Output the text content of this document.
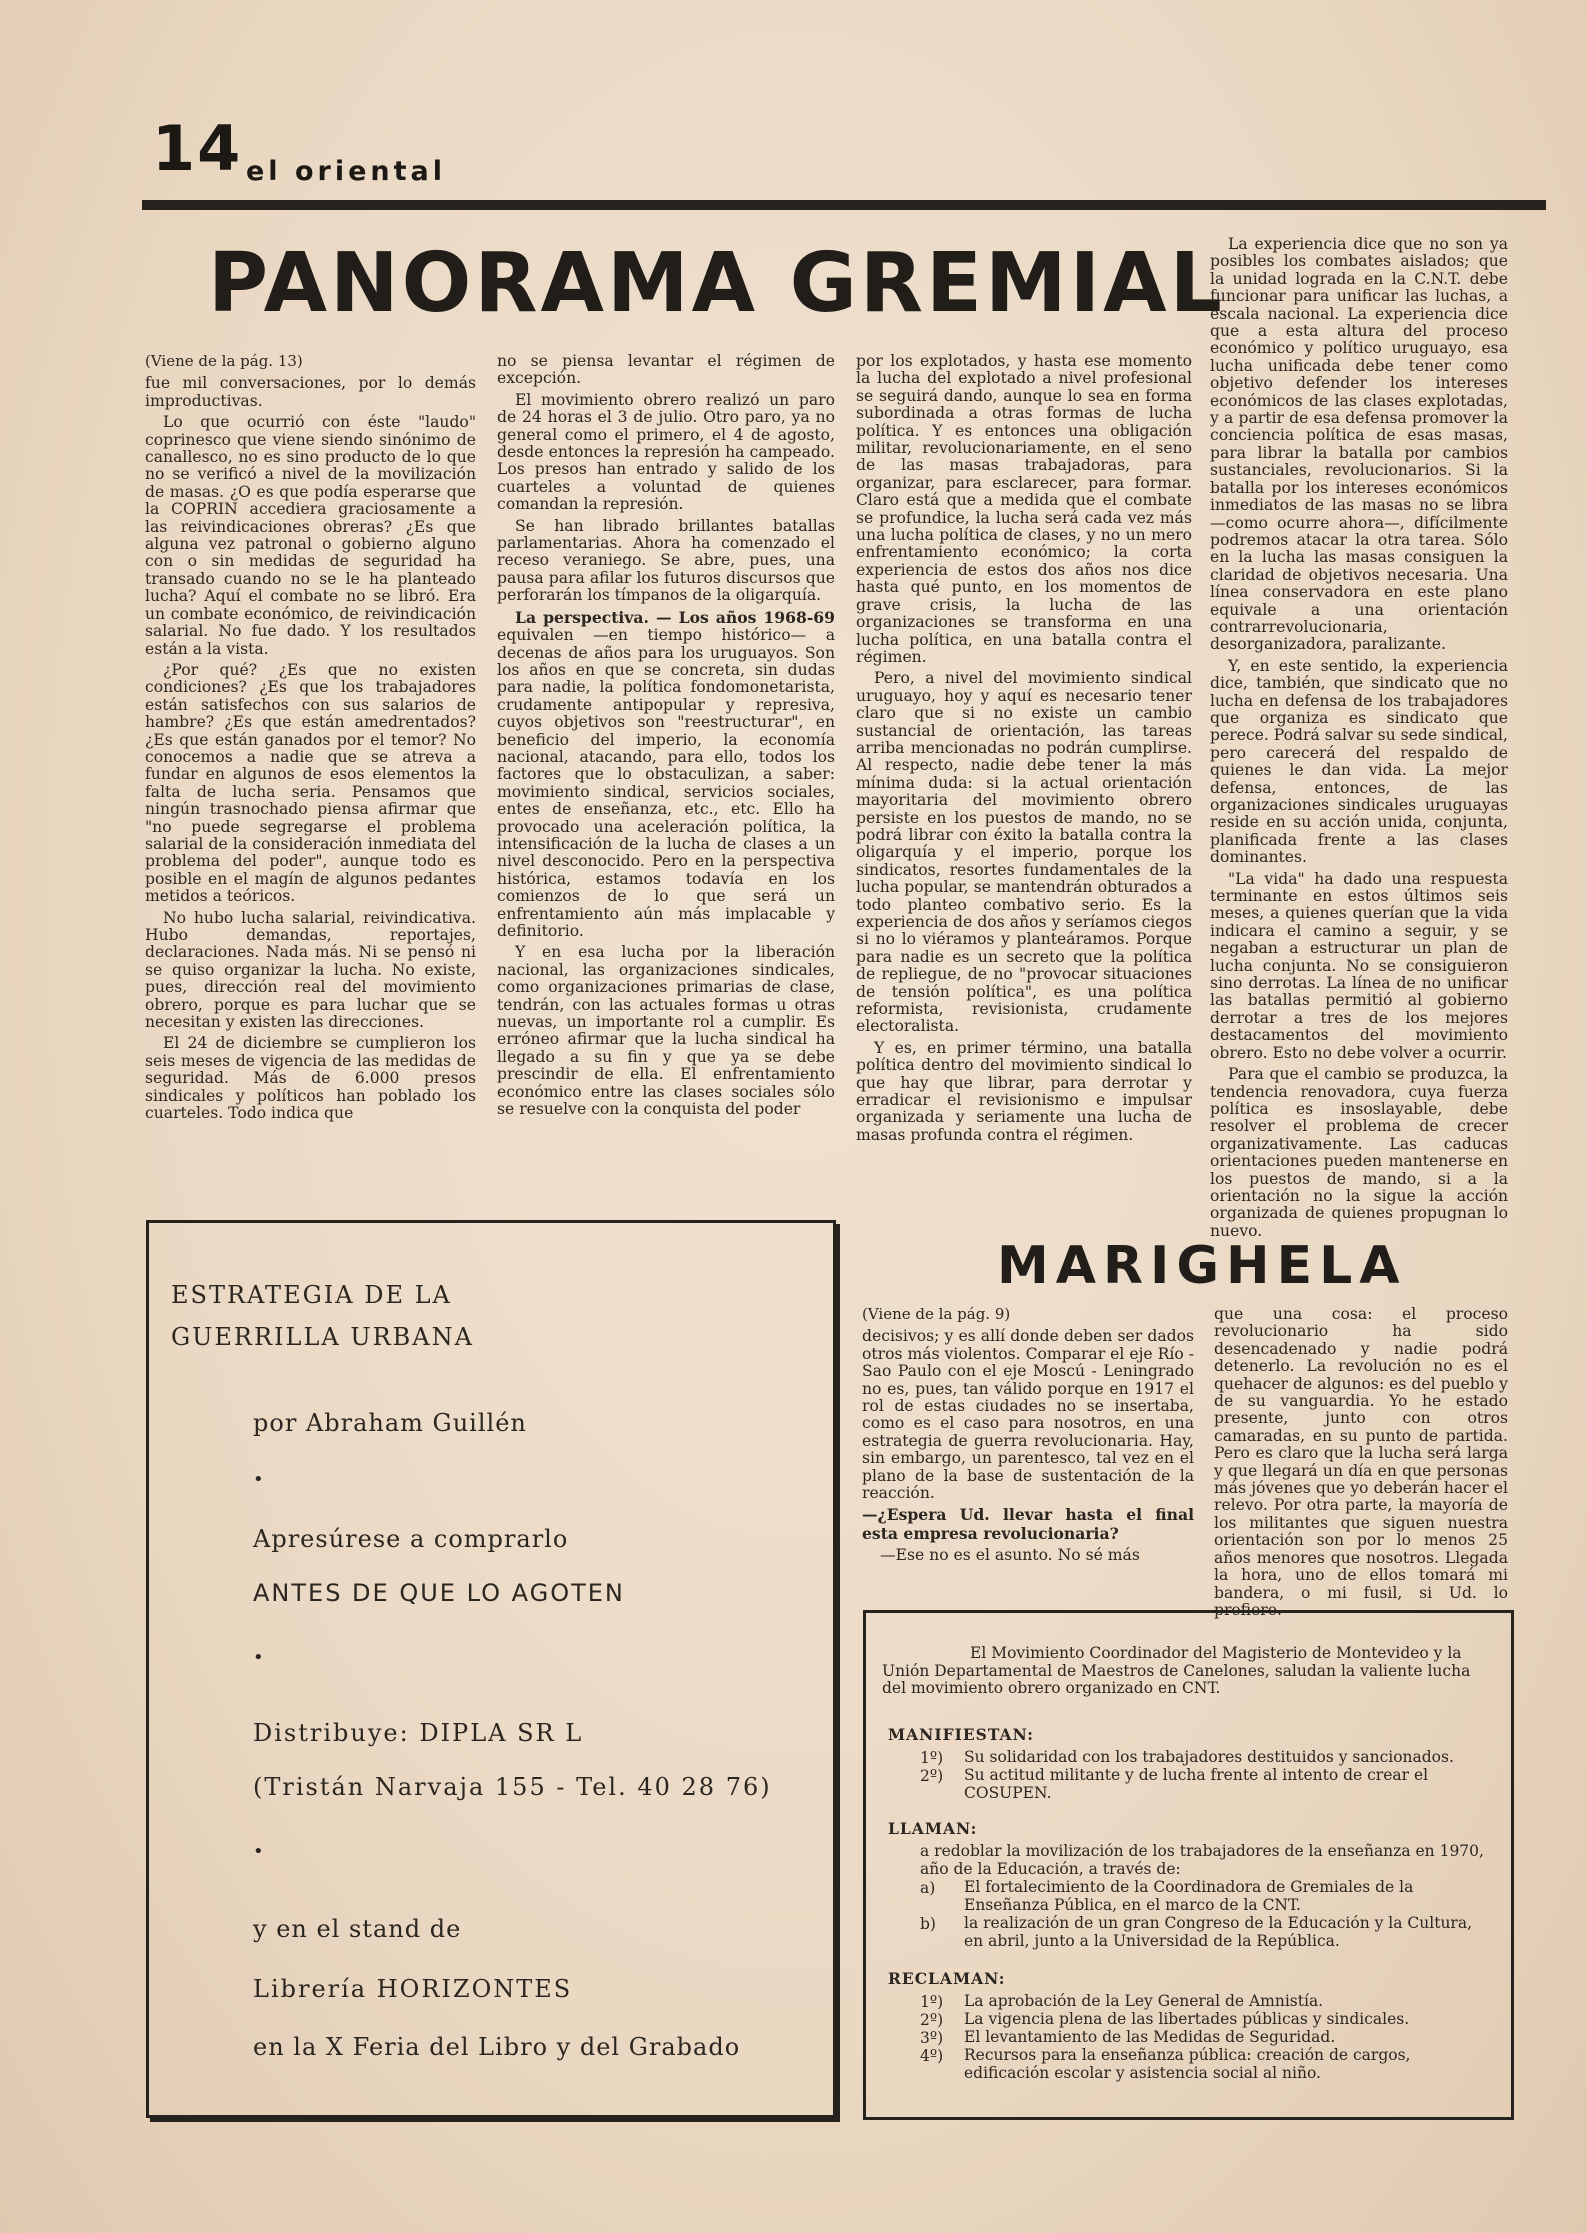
14 el oriental
PANORAMA GREMIAL

(Viene de la pág. 13)

fue mil conversaciones, por lo demás improductivas.

Lo que ocurrió con éste "laudo" coprinesco que viene siendo sinónimo de canallesco, no es sino producto de lo que no se verificó a nivel de la movilización de masas. ¿O es que podía esperarse que la COPRIN accediera graciosamente a las reivindicaciones obreras? ¿Es que alguna vez patronal o gobierno alguno con o sin medidas de seguridad ha transado cuando no se le ha planteado lucha? Aquí el combate no se libró. Era un combate económico, de reivindicación salarial. No fue dado. Y los resultados están a la vista.

¿Por qué? ¿Es que no existen condiciones? ¿Es que los trabajadores están satisfechos con sus salarios de hambre? ¿Es que están amedrentados? ¿Es que están ganados por el temor? No conocemos a nadie que se atreva a fundar en algunos de esos elementos la falta de lucha seria. Pensamos que ningún trasnochado piensa afirmar que "no puede segregarse el problema salarial de la consideración inmediata del problema del poder", aunque todo es posible en el magín de algunos pedantes metidos a teóricos.

No hubo lucha salarial, reivindicativa. Hubo demandas, reportajes, declaraciones. Nada más. Ni se pensó ni se quiso organizar la lucha. No existe, pues, dirección real del movimiento obrero, porque es para luchar que se necesitan y existen las direcciones.

El 24 de diciembre se cumplieron los seis meses de vigencia de las medidas de seguridad. Más de 6.000 presos sindicales y políticos han poblado los cuarteles. Todo indica que

no se piensa levantar el régimen de excepción.

El movimiento obrero realizó un paro de 24 horas el 3 de julio. Otro paro, ya no general como el primero, el 4 de agosto, desde entonces la represión ha campeado. Los presos han entrado y salido de los cuarteles a voluntad de quienes comandan la represión.

Se han librado brillantes batallas parlamentarias. Ahora ha comenzado el receso veraniego. Se abre, pues, una pausa para afilar los futuros discursos que perforarán los tímpanos de la oligarquía.

La perspectiva. — Los años 1968-69 equivalen —en tiempo histórico— a decenas de años para los uruguayos. Son los años en que se concreta, sin dudas para nadie, la política fondomonetarista, crudamente antipopular y represiva, cuyos objetivos son "reestructurar", en beneficio del imperio, la economía nacional, atacando, para ello, todos los factores que lo obstaculizan, a saber: movimiento sindical, servicios sociales, entes de enseñanza, etc., etc. Ello ha provocado una aceleración política, la intensificación de la lucha de clases a un nivel desconocido. Pero en la perspectiva histórica, estamos todavía en los comienzos de lo que será un enfrentamiento aún más implacable y definitorio.

Y en esa lucha por la liberación nacional, las organizaciones sindicales, como organizaciones primarias de clase, tendrán, con las actuales formas u otras nuevas, un importante rol a cumplir. Es erróneo afirmar que la lucha sindical ha llegado a su fin y que ya se debe prescindir de ella. El enfrentamiento económico entre las clases sociales sólo se resuelve con la conquista del poder

por los explotados, y hasta ese momento la lucha del explotado a nivel profesional se seguirá dando, aunque lo sea en forma subordinada a otras formas de lucha política. Y es entonces una obligación militar, revolucionariamente, en el seno de las masas trabajadoras, para organizar, para esclarecer, para formar. Claro está que a medida que el combate se profundice, la lucha será cada vez más una lucha política de clases, y no un mero enfrentamiento económico; la corta experiencia de estos dos años nos dice hasta qué punto, en los momentos de grave crisis, la lucha de las organizaciones se transforma en una lucha política, en una batalla contra el régimen.

Pero, a nivel del movimiento sindical uruguayo, hoy y aquí es necesario tener claro que si no existe un cambio sustancial de orientación, las tareas arriba mencionadas no podrán cumplirse. Al respecto, nadie debe tener la más mínima duda: si la actual orientación mayoritaria del movimiento obrero persiste en los puestos de mando, no se podrá librar con éxito la batalla contra la oligarquía y el imperio, porque los sindicatos, resortes fundamentales de la lucha popular, se mantendrán obturados a todo planteo combativo serio. Es la experiencia de dos años y seríamos ciegos si no lo viéramos y planteáramos. Porque para nadie es un secreto que la política de repliegue, de no "provocar situaciones de tensión política", es una política reformista, revisionista, crudamente electoralista.

Y es, en primer término, una batalla política dentro del movimiento sindical lo que hay que librar, para derrotar y erradicar el revisionismo e impulsar organizada y seriamente una lucha de masas profunda contra el régimen.

La experiencia dice que no son ya posibles los combates aislados; que la unidad lograda en la C.N.T. debe funcionar para unificar las luchas, a escala nacional. La experiencia dice que a esta altura del proceso económico y político uruguayo, esa lucha unificada debe tener como objetivo defender los intereses económicos de las clases explotadas, y a partir de esa defensa promover la conciencia política de esas masas, para librar la batalla por cambios sustanciales, revolucionarios. Si la batalla por los intereses económicos inmediatos de las masas no se libra —como ocurre ahora—, difícilmente podremos atacar la otra tarea. Sólo en la lucha las masas consiguen la claridad de objetivos necesaria. Una línea conservadora en este plano equivale a una orientación contrarrevolucionaria, desorganizadora, paralizante.

Y, en este sentido, la experiencia dice, también, que sindicato que no lucha en defensa de los trabajadores que organiza es sindicato que perece. Podrá salvar su sede sindical, pero carecerá del respaldo de quienes le dan vida. La mejor defensa, entonces, de las organizaciones sindicales uruguayas reside en su acción unida, conjunta, planificada frente a las clases dominantes.

"La vida" ha dado una respuesta terminante en estos últimos seis meses, a quienes querían que la vida indicara el camino a seguir, y se negaban a estructurar un plan de lucha conjunta. No se consiguieron sino derrotas. La línea de no unificar las batallas permitió al gobierno derrotar a tres de los mejores destacamentos del movimiento obrero. Esto no debe volver a ocurrir.

Para que el cambio se produzca, la tendencia renovadora, cuya fuerza política es insoslayable, debe resolver el problema de crecer organizativamente. Las caducas orientaciones pueden mantenerse en los puestos de mando, si a la orientación no la sigue la acción organizada de quienes propugnan lo nuevo.

ESTRATEGIA DE LA
GUERRILLA URBANA
por Abraham Guillén
•
Apresúrese a comprarlo
ANTES DE QUE LO AGOTEN
•
Distribuye: DIPLA SR L
(Tristán Narvaja 155 - Tel. 40 28 76)
•
y en el stand de
Librería HORIZONTES
en la X Feria del Libro y del Grabado
MARIGHELA

(Viene de la pág. 9)

decisivos; y es allí donde deben ser dados otros más violentos. Comparar el eje Río - Sao Paulo con el eje Moscú - Leningrado no es, pues, tan válido porque en 1917 el rol de estas ciudades no se insertaba, como es el caso para nosotros, en una estrategia de guerra revolucionaria. Hay, sin embargo, un parentesco, tal vez en el plano de la base de sustentación de la reacción.

—¿Espera Ud. llevar hasta el final esta empresa revolucionaria?

—Ese no es el asunto. No sé más

que una cosa: el proceso revolucionario ha sido desencadenado y nadie podrá detenerlo. La revolución no es el quehacer de algunos: es del pueblo y de su vanguardia. Yo he estado presente, junto con otros camaradas, en su punto de partida. Pero es claro que la lucha será larga y que llegará un día en que personas más jóvenes que yo deberán hacer el relevo. Por otra parte, la mayoría de los militantes que siguen nuestra orientación son por lo menos 25 años menores que nosotros. Llegada la hora, uno de ellos tomará mi bandera, o mi fusil, si Ud. lo prefiere.

El Movimiento Coordinador del Magisterio de Montevideo y la Unión Departamental de Maestros de Canelones, saludan la valiente lucha del movimiento obrero organizado en CNT.
MANIFIESTAN:
1º) Su solidaridad con los trabajadores destituidos y sancionados.
2º) Su actitud militante y de lucha frente al intento de crear el COSUPEN.
LLAMAN:
a redoblar la movilización de los trabajadores de la enseñanza en 1970, año de la Educación, a través de:
a) El fortalecimiento de la Coordinadora de Gremiales de la Enseñanza Pública, en el marco de la CNT.
b) la realización de un gran Congreso de la Educación y la Cultura, en abril, junto a la Universidad de la República.
RECLAMAN:
1º) La aprobación de la Ley General de Amnistía.
2º) La vigencia plena de las libertades públicas y sindicales.
3º) El levantamiento de las Medidas de Seguridad.
4º) Recursos para la enseñanza pública: creación de cargos, edificación escolar y asistencia social al niño.
